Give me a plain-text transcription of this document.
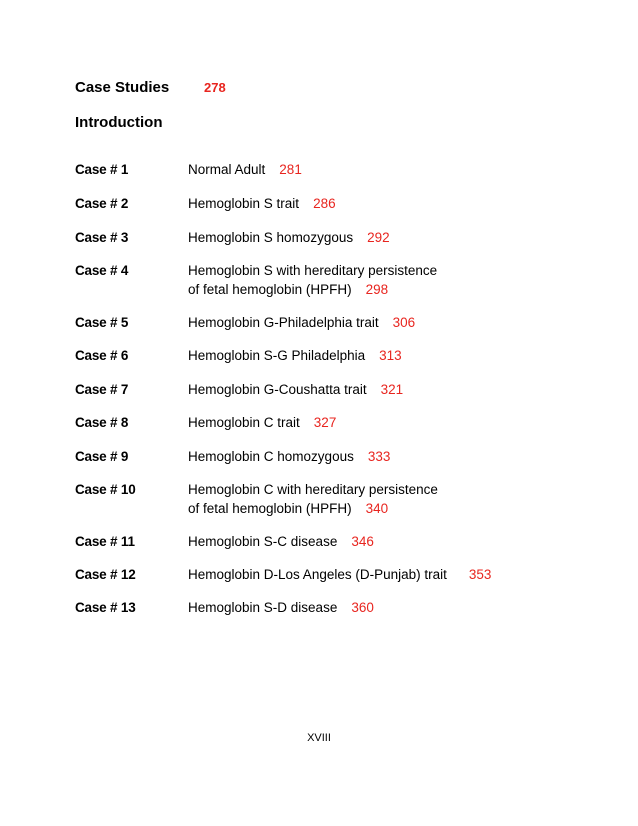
Case Studies	278
Introduction
Case # 1	Normal Adult 281
Case # 2	Hemoglobin S trait 286
Case # 3	Hemoglobin S homozygous 292
Case # 4	Hemoglobin S with hereditary persistence
of fetal hemoglobin (HPFH) 298
Case # 5	Hemoglobin G-Philadelphia trait 306
Case # 6	Hemoglobin S-G Philadelphia 313
Case # 7	Hemoglobin G-Coushatta trait 321
Case # 8	Hemoglobin C trait 327
Case # 9	Hemoglobin C homozygous 333
Case # 10	Hemoglobin C with hereditary persistence
of fetal hemoglobin (HPFH) 340
Case # 11	Hemoglobin S-C disease 346
Case # 12	Hemoglobin D-Los Angeles (D-Punjab) trait 353
Case # 13	Hemoglobin S-D disease 360
XVIII
